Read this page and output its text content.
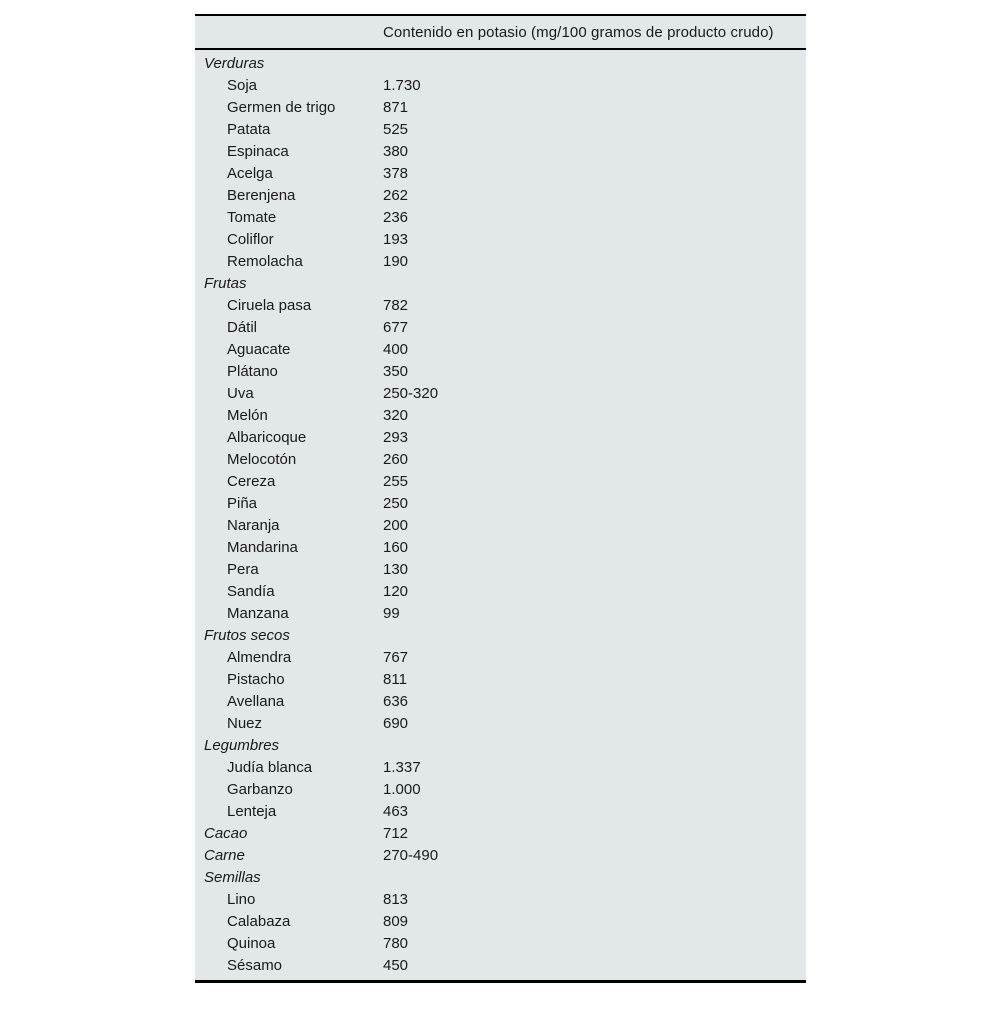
Contenido en potasio (mg/100 gramos de producto crudo)
Verduras
Soja	1.730
Germen de trigo	871
Patata	525
Espinaca	380
Acelga	378
Berenjena	262
Tomate	236
Coliflor	193
Remolacha	190
Frutas
Ciruela pasa	782
Dátil	677
Aguacate	400
Plátano	350
Uva	250-320
Melón	320
Albaricoque	293
Melocotón	260
Cereza	255
Piña	250
Naranja	200
Mandarina	160
Pera	130
Sandía	120
Manzana	99
Frutos secos
Almendra	767
Pistacho	811
Avellana	636
Nuez	690
Legumbres
Judía blanca	1.337
Garbanzo	1.000
Lenteja	463
Cacao	712
Carne	270-490
Semillas
Lino	813
Calabaza	809
Quinoa	780
Sésamo	450
